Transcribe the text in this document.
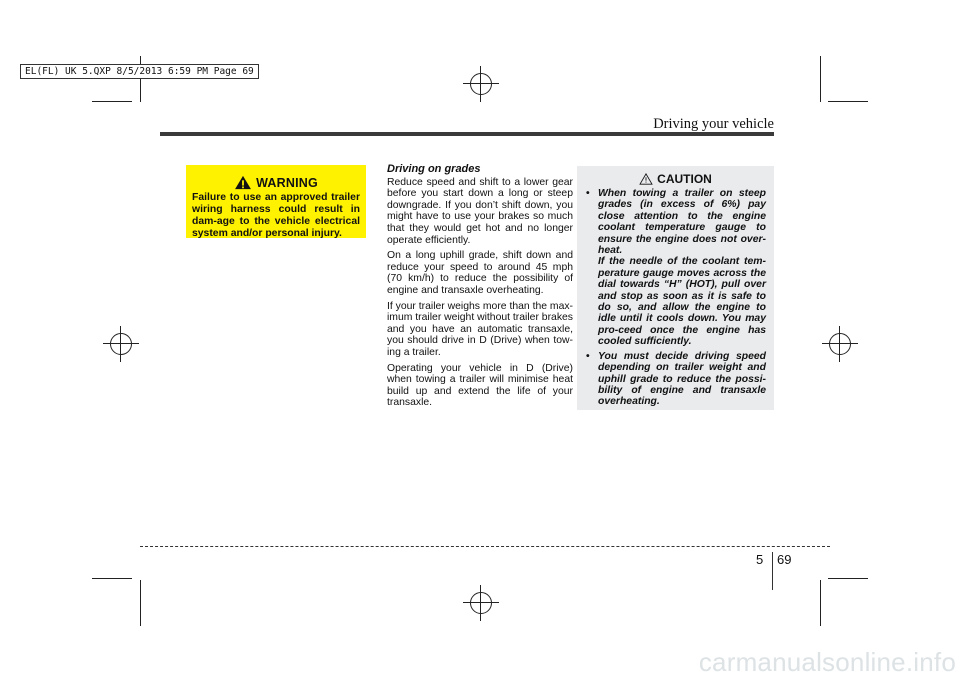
EL(FL) UK 5.QXP 8/5/2013 6:59 PM Page 69
Driving your vehicle
WARNING
Failure to use an approved trailer wiring harness could result in dam-age to the vehicle electrical system and/or personal injury.
Driving on grades

Reduce speed and shift to a lower gear before you start down a long or steep downgrade. If you don’t shift down, you might have to use your brakes so much that they would get hot and no longer operate efficiently.

On a long uphill grade, shift down and reduce your speed to around 45 mph (70 km/h) to reduce the possibility of engine and transaxle overheating.

If your trailer weighs more than the max-imum trailer weight without trailer brakes and you have an automatic transaxle, you should drive in D (Drive) when tow-ing a trailer.

Operating your vehicle in D (Drive) when towing a trailer will minimise heat build up and extend the life of your transaxle.

CAUTION
• When towing a trailer on steep grades (in excess of 6%) pay close attention to the engine coolant temperature gauge to ensure the engine does not over-heat.
If the needle of the coolant tem-perature gauge moves across the dial towards “H” (HOT), pull over and stop as soon as it is safe to do so, and allow the engine to idle until it cools down. You may pro-ceed once the engine has cooled sufficiently.
• You must decide driving speed depending on trailer weight and uphill grade to reduce the possi-bility of engine and transaxle overheating.
5 69
carmanualsonline.info
